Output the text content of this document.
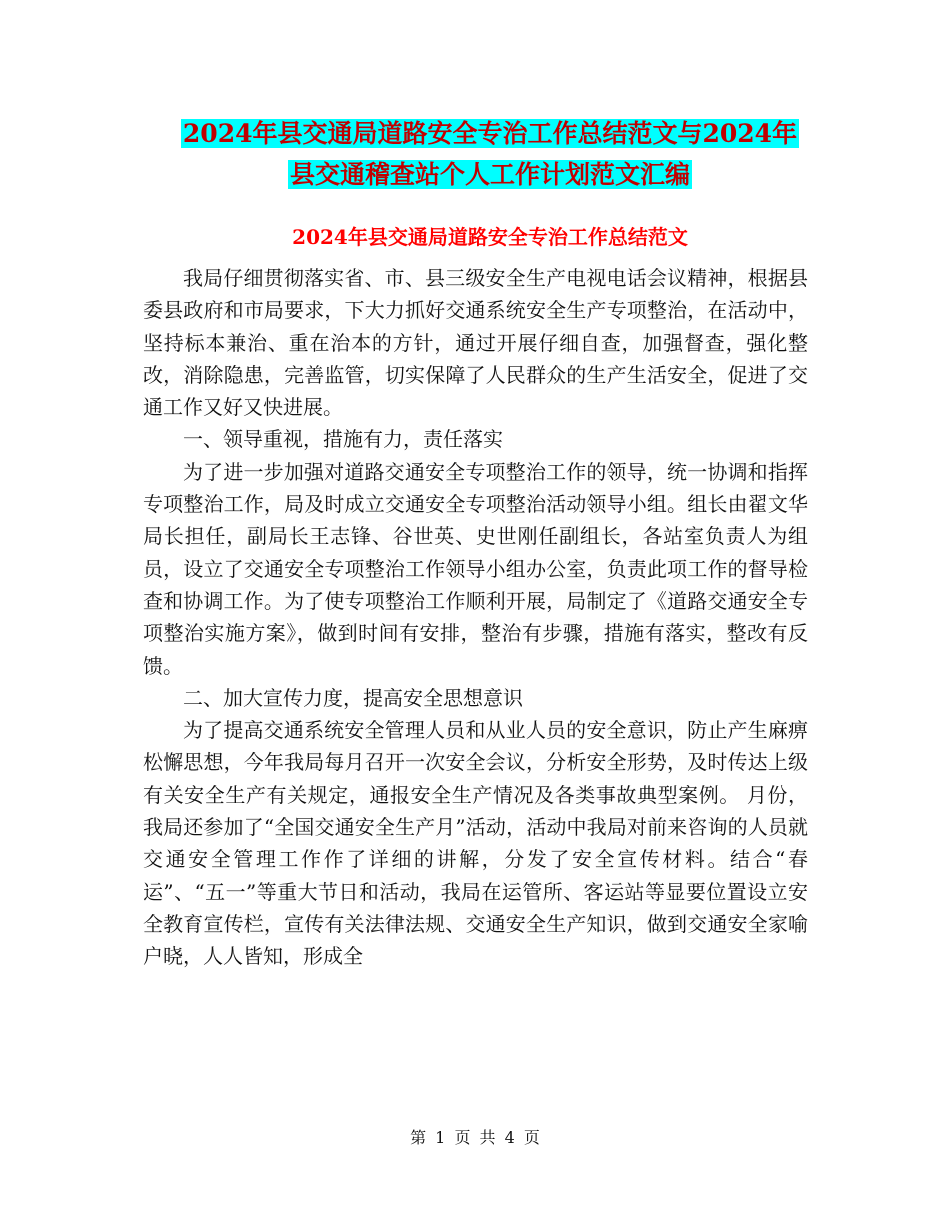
2024年县交通局道路安全专治工作总结范文与2024年
县交通稽查站个人工作计划范文汇编
2024年县交通局道路安全专治工作总结范文

我局仔细贯彻落实省、市、县三级安全生产电视电话会议精神，根据县委县政府和市局要求，下大力抓好交通系统安全生产专项整治，在活动中，坚持标本兼治、重在治本的方针，通过开展仔细自查，加强督查，强化整改，消除隐患，完善监管，切实保障了人民群众的生产生活安全，促进了交通工作又好又快进展。

一、领导重视，措施有力，责任落实

为了进一步加强对道路交通安全专项整治工作的领导，统一协调和指挥专项整治工作，局及时成立交通安全专项整治活动领导小组。组长由翟文华局长担任，副局长王志锋、谷世英、史世刚任副组长，各站室负责人为组员，设立了交通安全专项整治工作领导小组办公室，负责此项工作的督导检查和协调工作。为了使专项整治工作顺利开展，局制定了《道路交通安全专项整治实施方案》，做到时间有安排，整治有步骤，措施有落实，整改有反馈。

二、加大宣传力度，提高安全思想意识

为了提高交通系统安全管理人员和从业人员的安全意识，防止产生麻痹松懈思想，今年我局每月召开一次安全会议，分析安全形势，及时传达上级有关安全生产有关规定，通报安全生产情况及各类事故典型案例。 月份，我局还参加了“全国交通安全生产月”活动，活动中我局对前来咨询的人员就交通安全管理工作作了详细的讲解，分发了安全宣传材料。结合“春运”、“五一”等重大节日和活动，我局在运管所、客运站等显要位置设立安全教育宣传栏，宣传有关法律法规、交通安全生产知识，做到交通安全家喻户晓，人人皆知，形成全

第 1 页 共 4 页
